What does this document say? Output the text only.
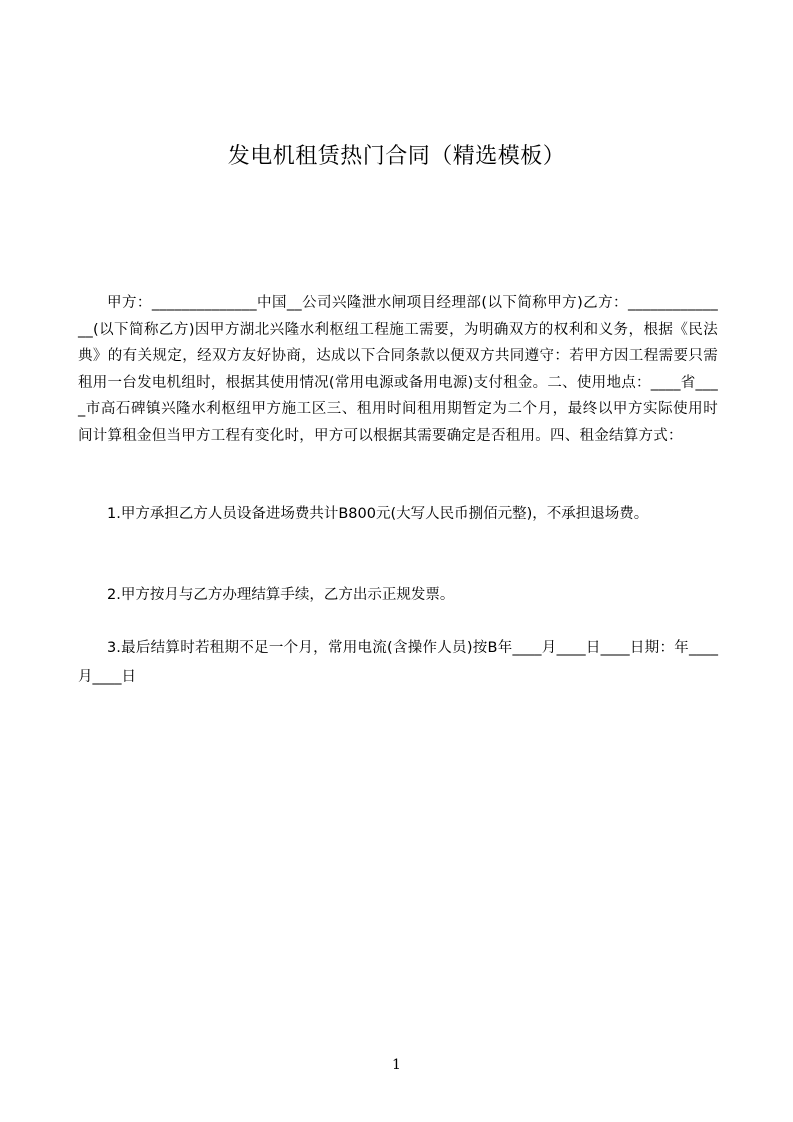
发电机租赁热门合同（精选模板）
甲方：______________中国__公司兴隆泄水闸项目经理部(以下简称甲方)乙方：______________(以下简称乙方)因甲方湖北兴隆水利枢纽工程施工需要，为明确双方的权利和义务，根据《民法典》的有关规定，经双方友好协商，达成以下合同条款以便双方共同遵守：若甲方因工程需要只需租用一台发电机组时，根据其使用情况(常用电源或备用电源)支付租金。二、使用地点：____省____市高石碑镇兴隆水利枢纽甲方施工区三、租用时间租用期暂定为二个月，最终以甲方实际使用时间计算租金但当甲方工程有变化时，甲方可以根据其需要确定是否租用。四、租金结算方式：
1.甲方承担乙方人员设备进场费共计B800元(大写人民币捌佰元整)，不承担退场费。
2.甲方按月与乙方办理结算手续，乙方出示正规发票。
3.最后结算时若租期不足一个月，常用电流(含操作人员)按B年____月____日____日期：年____月____日
1
